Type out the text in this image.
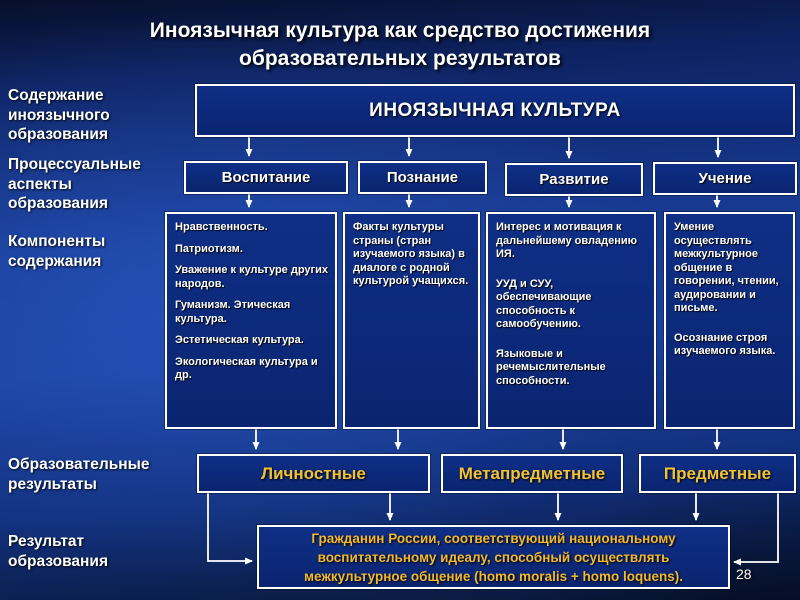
Иноязычная культура как средство достижения
образовательных результатов
Содержание иноязычного образования
Процессуальные аспекты образования
Компоненты содержания
Образовательные результаты
Результат образования
ИНОЯЗЫЧНАЯ КУЛЬТУРА
Воспитание	Познание	Развитие	Учение

Нравственность.

Патриотизм.

Уважение к культуре других народов.

Гуманизм. Этическая культура.

Эстетическая культура.

Экологическая культура и др.

Факты культуры страны (стран изучаемого языка) в диалоге с родной культурой учащихся.

Интерес и мотивация к дальнейшему овладению ИЯ.

УУД и СУУ, обеспечивающие способность к самообучению.

Языковые и речемыслительные способности.

Умение осуществлять межкультурное общение в говорении, чтении, аудировании и письме.

Осознание строя изучаемого языка.

Личностные	Метапредметные	Предметные
Гражданин России, соответствующий национальному воспитательному идеалу, способный осуществлять межкультурное общение (homo moralis + homo loquens).	28
